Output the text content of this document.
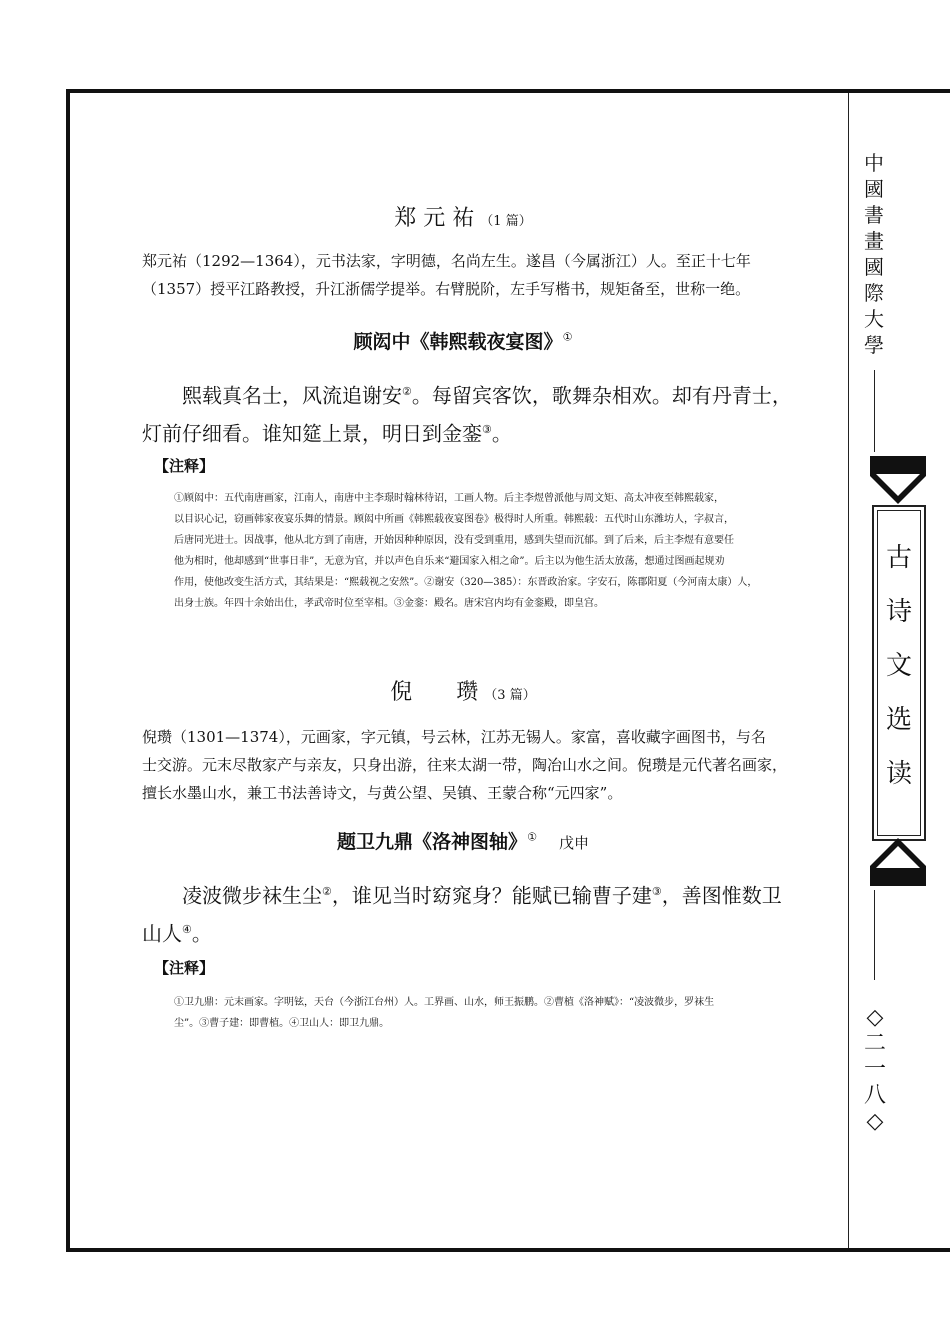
中
國
書
畫
國
際
大
學
古
诗
文
选
读
◇
二
一
八
◇
郑 元 祐 （1 篇）
郑元祐（1292—1364），元书法家，字明德，名尚左生。遂昌（今属浙江）人。至正十七年
（1357）授平江路教授，升江浙儒学提举。右臂脱阶，左手写楷书，规矩备至，世称一绝。
顾闳中《韩熙载夜宴图》①
熙载真名士，风流追谢安②。每留宾客饮，歌舞杂相欢。却有丹青士，
灯前仔细看。谁知筵上景，明日到金銮③。
【注释】
①顾闳中：五代南唐画家，江南人，南唐中主李璟时翰林待诏，工画人物。后主李煜曾派他与周文矩、高太冲夜至韩熙载家，
以目识心记，窃画韩家夜宴乐舞的情景。顾闳中所画《韩熙载夜宴图卷》极得时人所重。韩熙载：五代时山东潍坊人，字叔言，
后唐同光进士。因战事，他从北方到了南唐，开始因种种原因，没有受到重用，感到失望而沉郁。到了后来，后主李煜有意要任
他为相时，他却感到“世事日非”，无意为官，并以声色自乐来“避国家入相之命”。后主以为他生活太放荡，想通过图画起规劝
作用，使他改变生活方式，其结果是：“熙载视之安然”。②谢安（320—385）：东晋政治家。字安石，陈郡阳夏（今河南太康）人，
出身士族。年四十余始出仕，孝武帝时位至宰相。③金銮：殿名。唐宋宫内均有金銮殿，即皇宫。
倪　　瓒 （3 篇）
倪瓒（1301—1374），元画家，字元镇，号云林，江苏无锡人。家富，喜收藏字画图书，与名
士交游。元末尽散家产与亲友，只身出游，往来太湖一带，陶冶山水之间。倪瓒是元代著名画家，
擅长水墨山水，兼工书法善诗文，与黄公望、吴镇、王蒙合称“元四家”。
题卫九鼎《洛神图轴》① 戊申
凌波微步袜生尘②，谁见当时窈窕身？能赋已输曹子建③，善图惟数卫
山人④。
【注释】
①卫九鼎：元末画家。字明铉，天台（今浙江台州）人。工界画、山水，师王振鹏。②曹植《洛神赋》：“凌波微步，罗袜生
尘”。③曹子建：即曹植。④卫山人：即卫九鼎。
